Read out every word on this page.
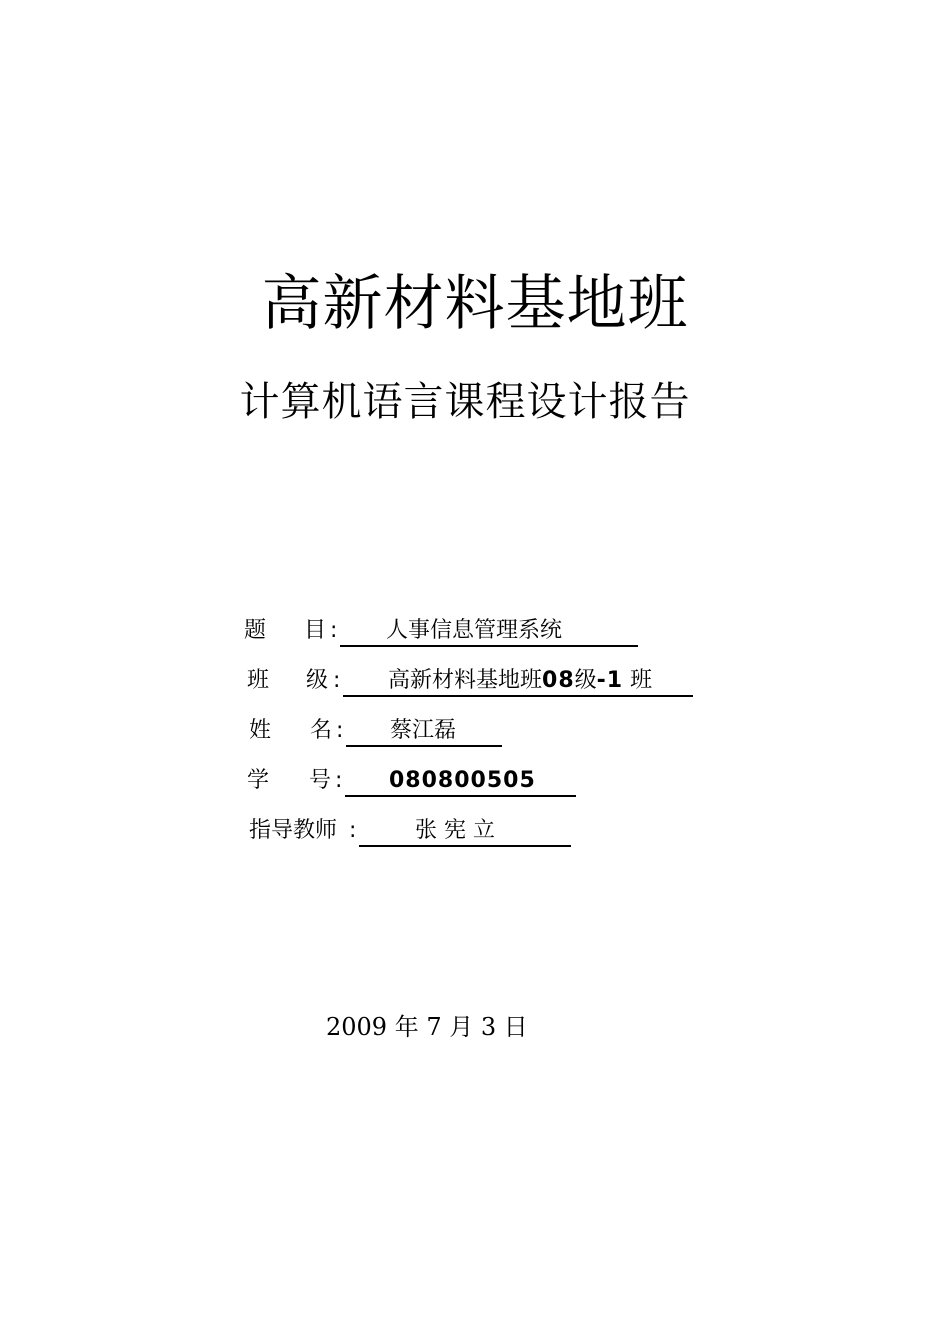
高新材料基地班
计算机语言课程设计报告
题 目 : 人事信息管理系统
班 级 : 高新材料基地班08级-1 班
姓 名 : 蔡江磊
学 号 : 080800505
指导教师 :	张 宪 立
2009 年 7 月 3 日
